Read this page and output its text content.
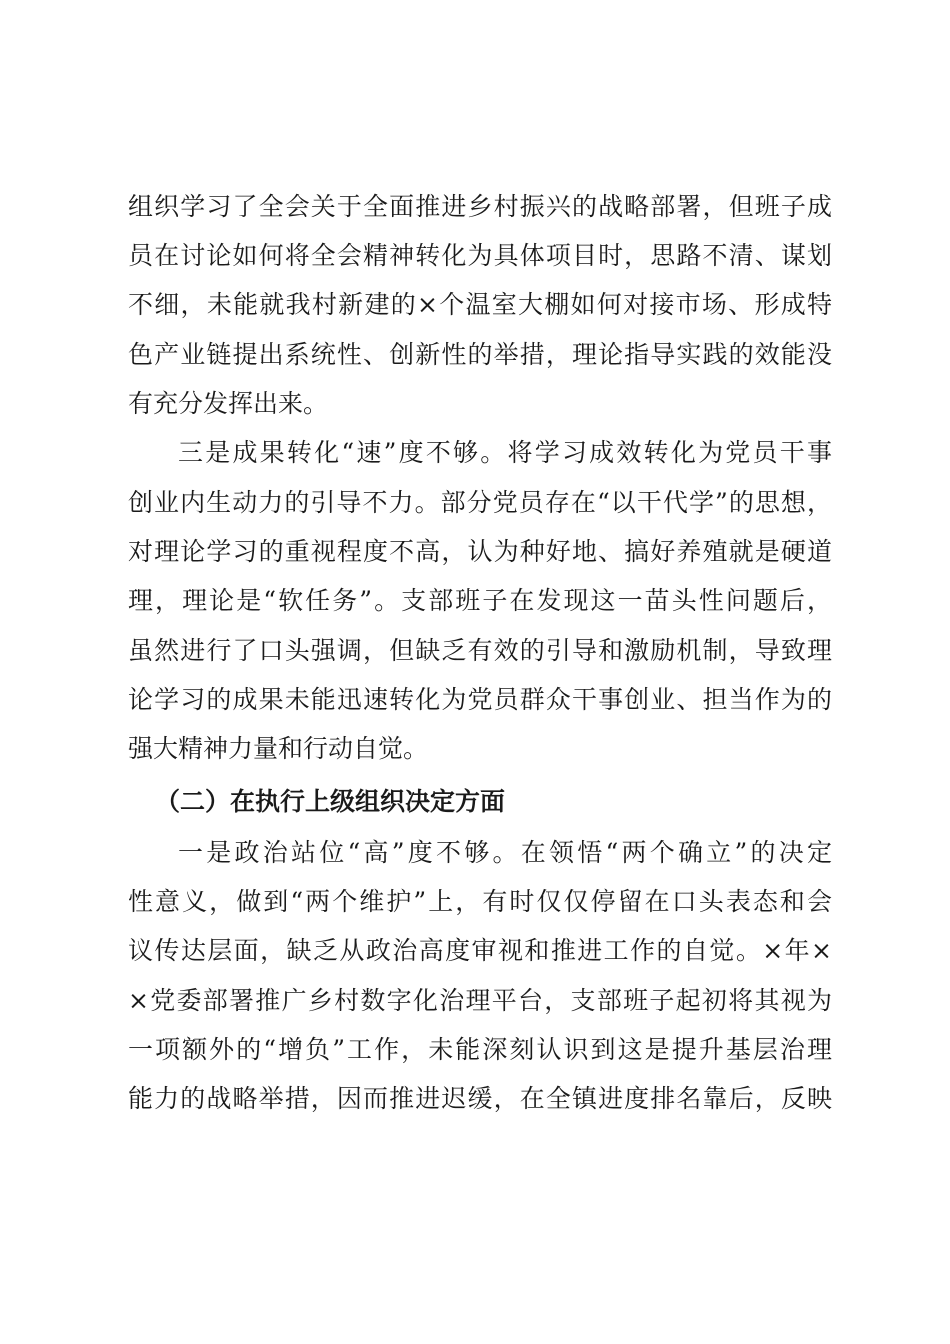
组织学习了全会关于全面推进乡村振兴的战略部署，但班子成
员在讨论如何将全会精神转化为具体项目时，思路不清、谋划
不细，未能就我村新建的×个温室大棚如何对接市场、形成特
色产业链提出系统性、创新性的举措，理论指导实践的效能没
有充分发挥出来。
三是成果转化“速”度不够。将学习成效转化为党员干事
创业内生动力的引导不力。部分党员存在“以干代学”的思想，
对理论学习的重视程度不高，认为种好地、搞好养殖就是硬道
理，理论是“软任务”。支部班子在发现这一苗头性问题后，
虽然进行了口头强调，但缺乏有效的引导和激励机制，导致理
论学习的成果未能迅速转化为党员群众干事创业、担当作为的
强大精神力量和行动自觉。
（二）在执行上级组织决定方面
一是政治站位“高”度不够。在领悟“两个确立”的决定
性意义，做到“两个维护”上，有时仅仅停留在口头表态和会
议传达层面，缺乏从政治高度审视和推进工作的自觉。×年×
×党委部署推广乡村数字化治理平台，支部班子起初将其视为
一项额外的“增负”工作，未能深刻认识到这是提升基层治理
能力的战略举措，因而推进迟缓，在全镇进度排名靠后，反映
